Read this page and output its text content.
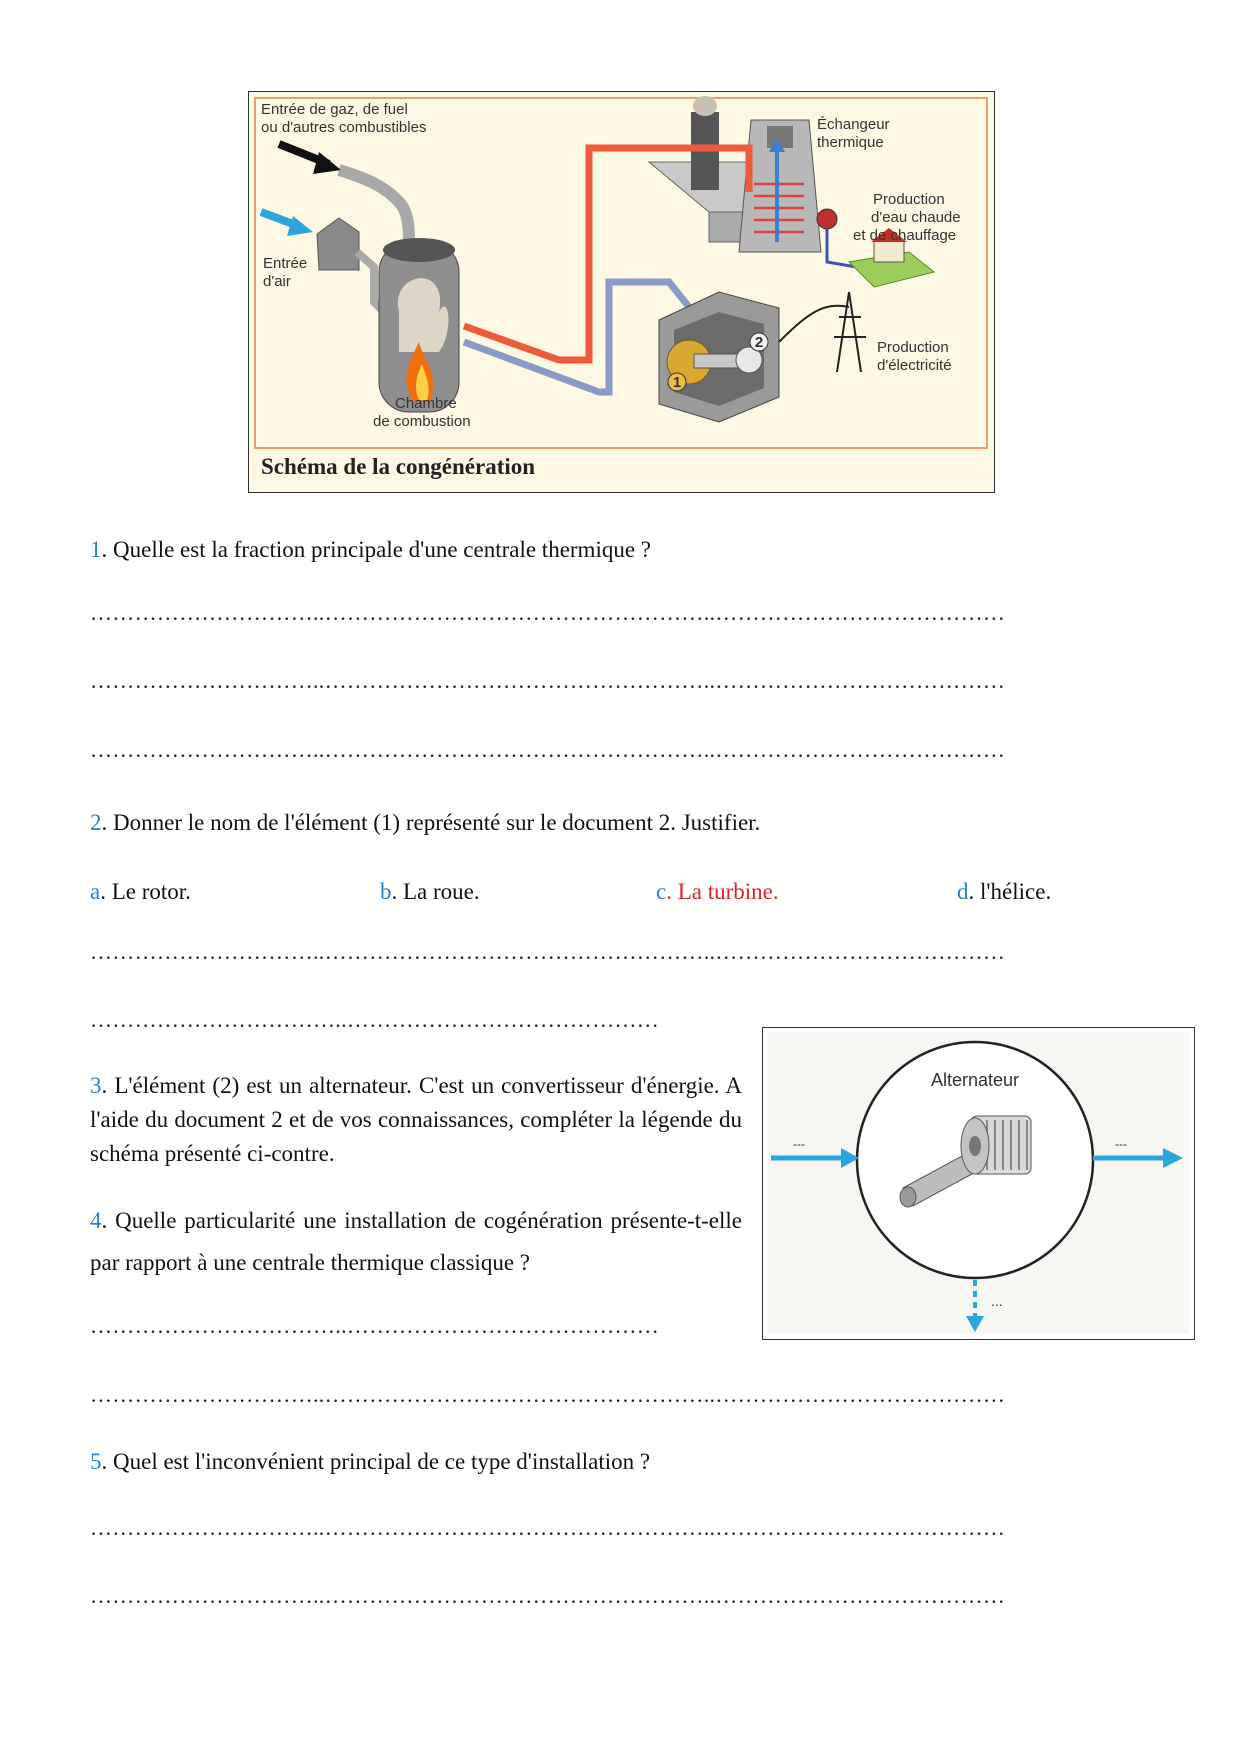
1
2
Entrée de gaz, de fuel
ou d'autres combustibles
Entrée
d'air
Chambre
de combustion
Échangeur
thermique
Production
d'eau chaude
et de chauffage
Production
d'électricité
Schéma de la congénération
1. Quelle est la fraction principale d'une centrale thermique ?
…………………………..……………………………………………..…………………………………
…………………………..……………………………………………..…………………………………
…………………………..……………………………………………..…………………………………
2. Donner le nom de l'élément (1) représenté sur le document 2. Justifier.
a. Le rotor.	b. La roue.	c. La turbine.	d. l'hélice.
…………………………..……………………………………………..…………………………………
……………………………..……………………………………
Alternateur
---	---
...
3. L'élément (2) est un alternateur. C'est un convertisseur d'énergie. A l'aide du document 2 et de vos connaissances, compléter la légende du schéma présenté ci-contre.
4. Quelle particularité une installation de cogénération présente-t-elle par rapport à une centrale thermique classique ?
……………………………..……………………………………
…………………………..……………………………………………..…………………………………
5. Quel est l'inconvénient principal de ce type d'installation ?
…………………………..……………………………………………..…………………………………
…………………………..……………………………………………..…………………………………
